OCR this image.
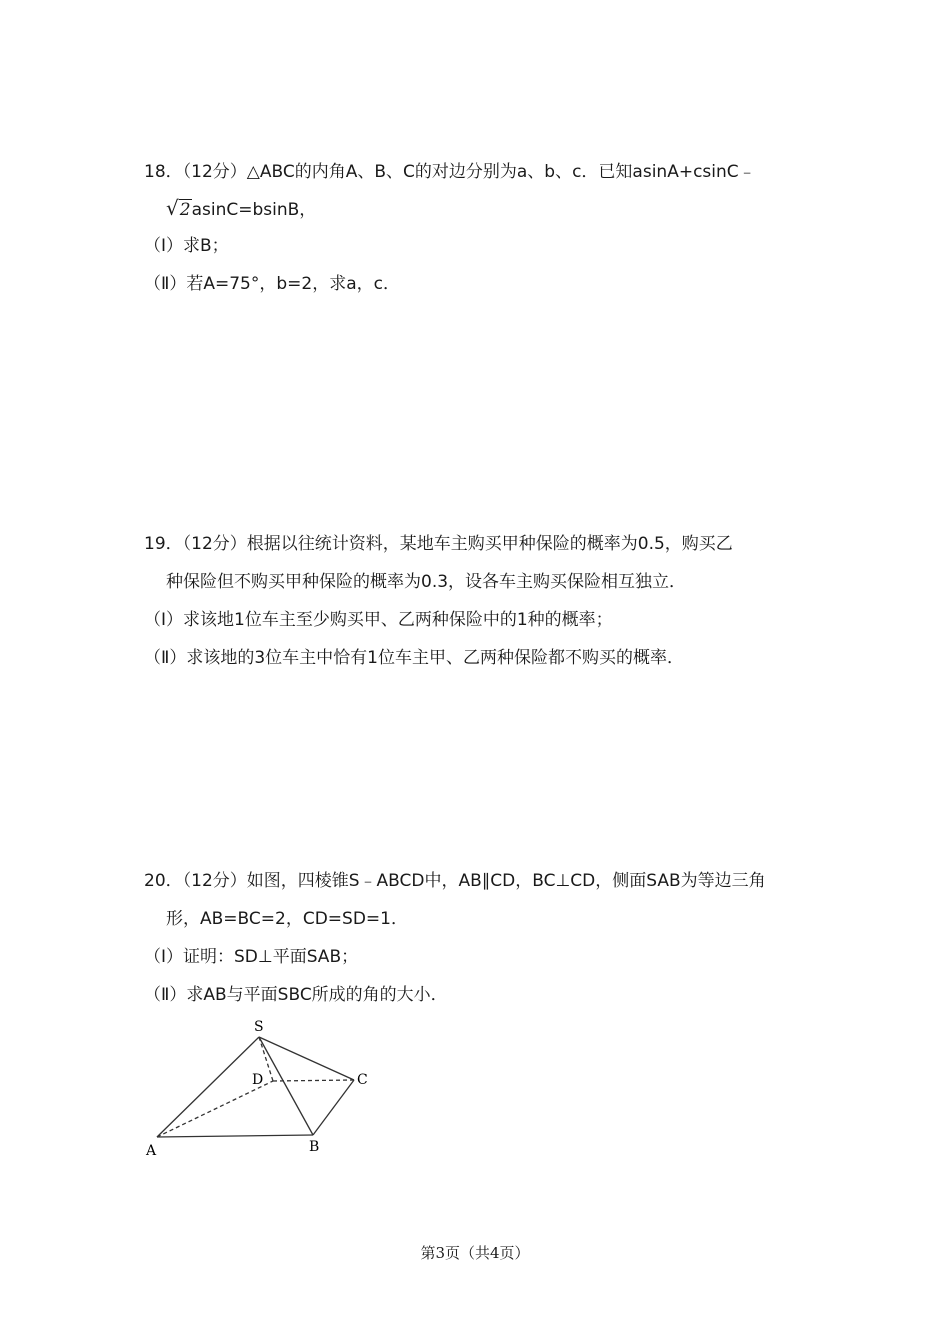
18．（12分）△ABC的内角A、B、C的对边分别为a、b、c．已知asinA+csinC﹣
√2asinC=bsinB，
（Ⅰ）求B；
（Ⅱ）若A=75°，b=2，求a，c．
19．（12分）根据以往统计资料，某地车主购买甲种保险的概率为0.5，购买乙
种保险但不购买甲种保险的概率为0.3，设各车主购买保险相互独立．
（Ⅰ）求该地1位车主至少购买甲、乙两种保险中的1种的概率；
（Ⅱ）求该地的3位车主中恰有1位车主甲、乙两种保险都不购买的概率．
20．（12分）如图，四棱锥S﹣ABCD中，AB∥CD，BC⊥CD，侧面SAB为等边三角
形，AB=BC=2，CD=SD=1．
（Ⅰ）证明：SD⊥平面SAB；
（Ⅱ）求AB与平面SBC所成的角的大小．
S
A	B
C
D
第3页（共4页）
